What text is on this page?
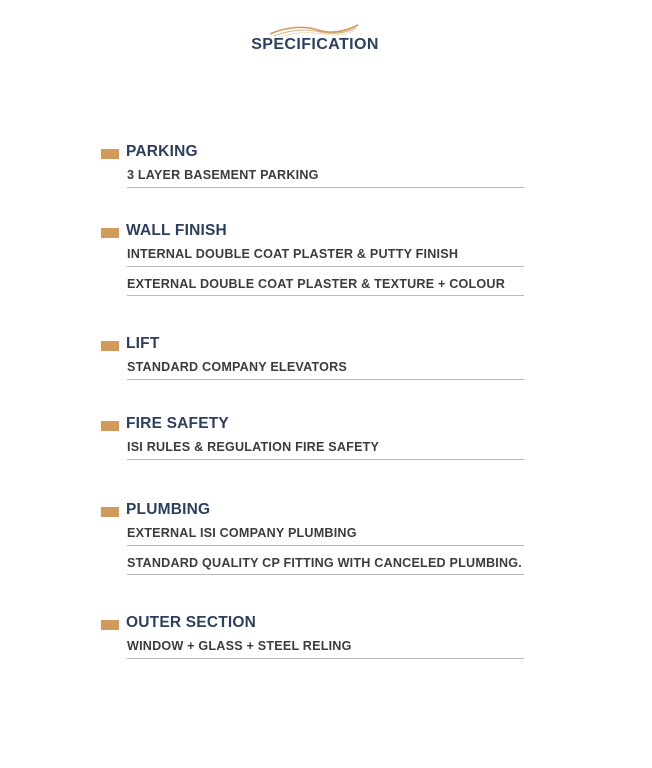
SPECIFICATION
PARKING
3 LAYER BASEMENT PARKING
WALL FINISH
INTERNAL DOUBLE COAT PLASTER & PUTTY FINISH
EXTERNAL DOUBLE COAT PLASTER & TEXTURE + COLOUR
LIFT
STANDARD COMPANY ELEVATORS
FIRE SAFETY
ISI RULES & REGULATION FIRE SAFETY
PLUMBING
EXTERNAL ISI COMPANY PLUMBING
STANDARD QUALITY CP FITTING WITH CANCELED PLUMBING.
OUTER SECTION
WINDOW + GLASS + STEEL RELING
